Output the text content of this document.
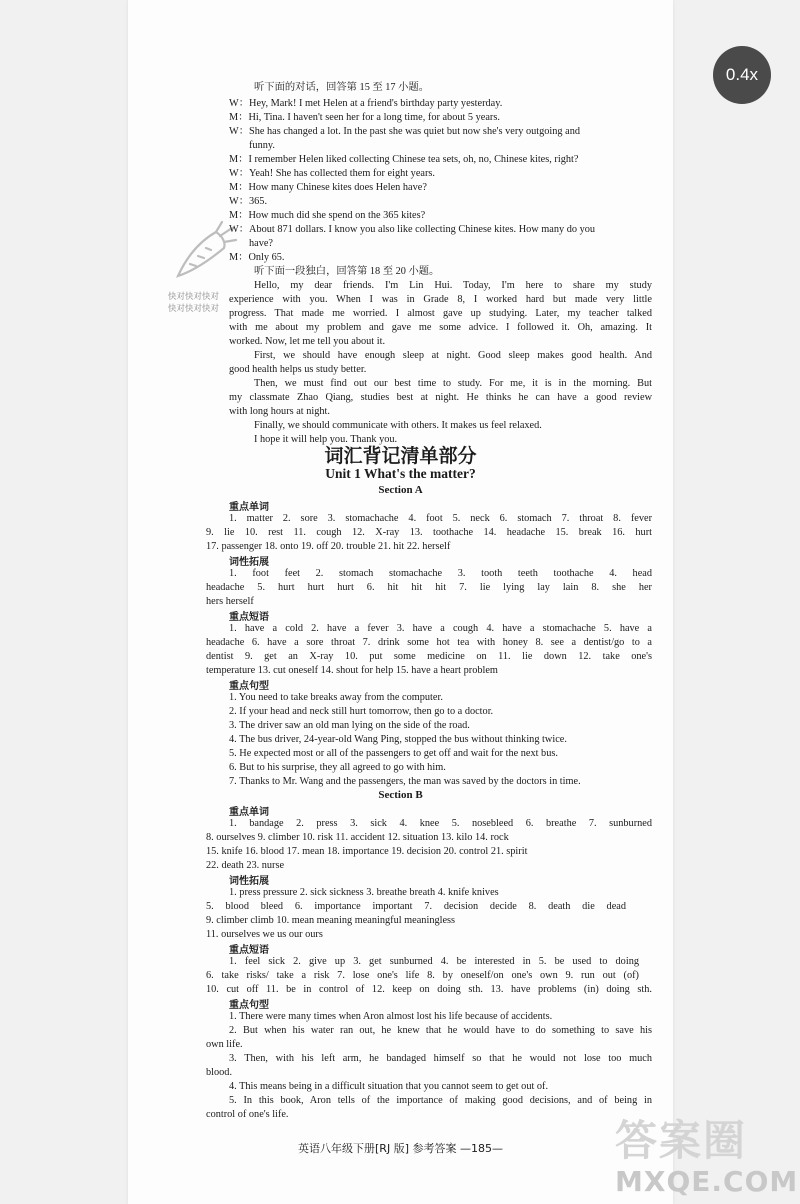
快对快对快对
快对快对快对
0.4x
听下面的对话，回答第 15 至 17 小题。
W：Hey, Mark! I met Helen at a friend's birthday party yesterday.
M：Hi, Tina. I haven't seen her for a long time, for about 5 years.
W：She has changed a lot. In the past she was quiet but now she's very outgoing and
funny.
M：I remember Helen liked collecting Chinese tea sets, oh, no, Chinese kites, right?
W：Yeah! She has collected them for eight years.
M：How many Chinese kites does Helen have?
W：365.
M：How much did she spend on the 365 kites?
W：About 871 dollars. I know you also like collecting Chinese kites. How many do you
have?
M：Only 65.
听下面一段独白，回答第 18 至 20 小题。
Hello, my dear friends. I'm Lin Hui. Today, I'm here to share my study
experience with you. When I was in Grade 8, I worked hard but made very little
progress. That made me worried. I almost gave up studying. Later, my teacher talked
with me about my problem and gave me some advice. I followed it. Oh, amazing. It
worked. Now, let me tell you about it.
First, we should have enough sleep at night. Good sleep makes good health. And
good health helps us study better.
Then, we must find out our best time to study. For me, it is in the morning. But
my classmate Zhao Qiang, studies best at night. He thinks he can have a good review
with long hours at night.
Finally, we should communicate with others. It makes us feel relaxed.
I hope it will help you. Thank you.
1. matter 2. sore 3. stomachache 4. foot 5. neck 6. stomach 7. throat 8. fever
9. lie 10. rest 11. cough 12. X-ray 13. toothache 14. headache 15. break 16. hurt
17. passenger 18. onto 19. off 20. trouble 21. hit 22. herself
1. foot feet 2. stomach stomachache 3. tooth teeth toothache 4. head
headache 5. hurt hurt hurt 6. hit hit hit 7. lie lying lay lain 8. she her
hers herself
1. have a cold 2. have a fever 3. have a cough 4. have a stomachache 5. have a
headache 6. have a sore throat 7. drink some hot tea with honey 8. see a dentist/go to a
dentist 9. get an X-ray 10. put some medicine on 11. lie down 12. take one's
temperature 13. cut oneself 14. shout for help 15. have a heart problem
1. You need to take breaks away from the computer.
2. If your head and neck still hurt tomorrow, then go to a doctor.
3. The driver saw an old man lying on the side of the road.
4. The bus driver, 24-year-old Wang Ping, stopped the bus without thinking twice.
5. He expected most or all of the passengers to get off and wait for the next bus.
6. But to his surprise, they all agreed to go with him.
7. Thanks to Mr. Wang and the passengers, the man was saved by the doctors in time.
1. bandage 2. press 3. sick 4. knee 5. nosebleed 6. breathe 7. sunburned
8. ourselves 9. climber 10. risk 11. accident 12. situation 13. kilo 14. rock
15. knife 16. blood 17. mean 18. importance 19. decision 20. control 21. spirit
22. death 23. nurse
1. press pressure 2. sick sickness 3. breathe breath 4. knife knives
5. blood bleed 6. importance important 7. decision decide 8. death die dead
9. climber climb 10. mean meaning meaningful meaningless
11. ourselves we us our ours
1. feel sick 2. give up 3. get sunburned 4. be interested in 5. be used to doing
6. take risks/ take a risk 7. lose one's life 8. by oneself/on one's own 9. run out (of)
10. cut off 11. be in control of 12. keep on doing sth. 13. have problems (in) doing sth.
1. There were many times when Aron almost lost his life because of accidents.
2. But when his water ran out, he knew that he would have to do something to save his
own life.
3. Then, with his left arm, he bandaged himself so that he would not lose too much
blood.
4. This means being in a difficult situation that you cannot seem to get out of.
5. In this book, Aron tells of the importance of making good decisions, and of being in
control of one's life.
重点单词
词性拓展
重点短语
重点句型
重点单词
词性拓展
重点短语
重点句型
词汇背记清单部分
Unit 1 What's the matter?
Section A
Section B
英语八年级下册[RJ 版] 参考答案 —185—	答案圈
MXQE.COM
